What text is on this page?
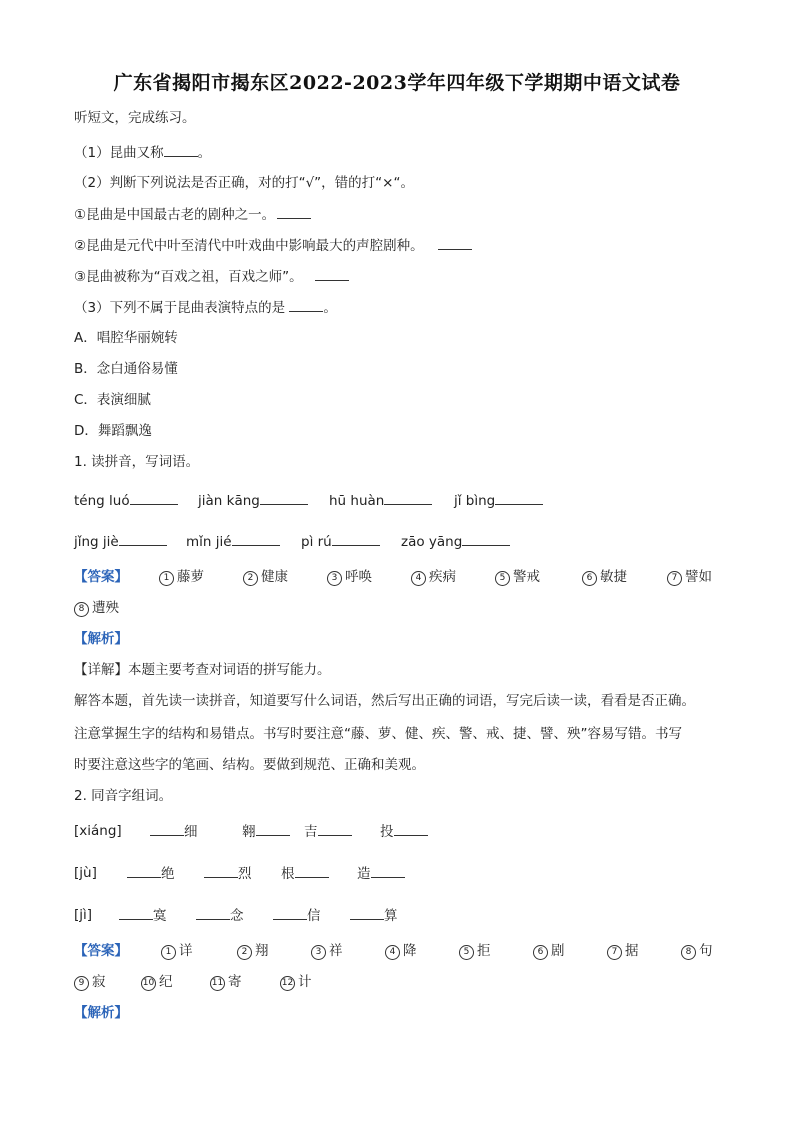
广东省揭阳市揭东区2022-2023学年四年级下学期期中语文试卷
听短文，完成练习。
（1）昆曲又称	。
（2）判断下列说法是否正确，对的打“√”，错的打“×“。
①昆曲是中国最古老的剧种之一。
②昆曲是元代中叶至清代中叶戏曲中影响最大的声腔剧种。
③昆曲被称为“百戏之祖，百戏之师”。
（3）下列不属于昆曲表演特点的是	。
A．唱腔华丽婉转
B．念白通俗易懂
C．表演细腻
D．舞蹈飘逸
1. 读拼音，写词语。
téng luó	jiàn kāng	hū huàn	jǐ bìng
jǐng jiè	mǐn jié	pì rú	zāo yāng
【答案】	1 藤萝	2 健康	3 呼唤	4 疾病	5 警戒	6 敏捷	7 譬如
8 遭殃
【解析】
【详解】本题主要考查对词语的拼写能力。
解答本题，首先读一读拼音，知道要写什么词语，然后写出正确的词语，写完后读一读，看看是否正确。
注意掌握生字的结构和易错点。书写时要注意“藤、萝、健、疾、警、戒、捷、譬、殃”容易写错。书写
时要注意这些字的笔画、结构。要做到规范、正确和美观。
2. 同音字组词。
[xiáng]	细	翱	吉	投
[jù]	绝	烈 根	造
[jì]	寞	念	信	算
【答案】	1 详	2 翔	3 祥	4 降	5 拒	6 剧	7 据	8 句
9 寂	10 纪	11 寄	12 计
【解析】
